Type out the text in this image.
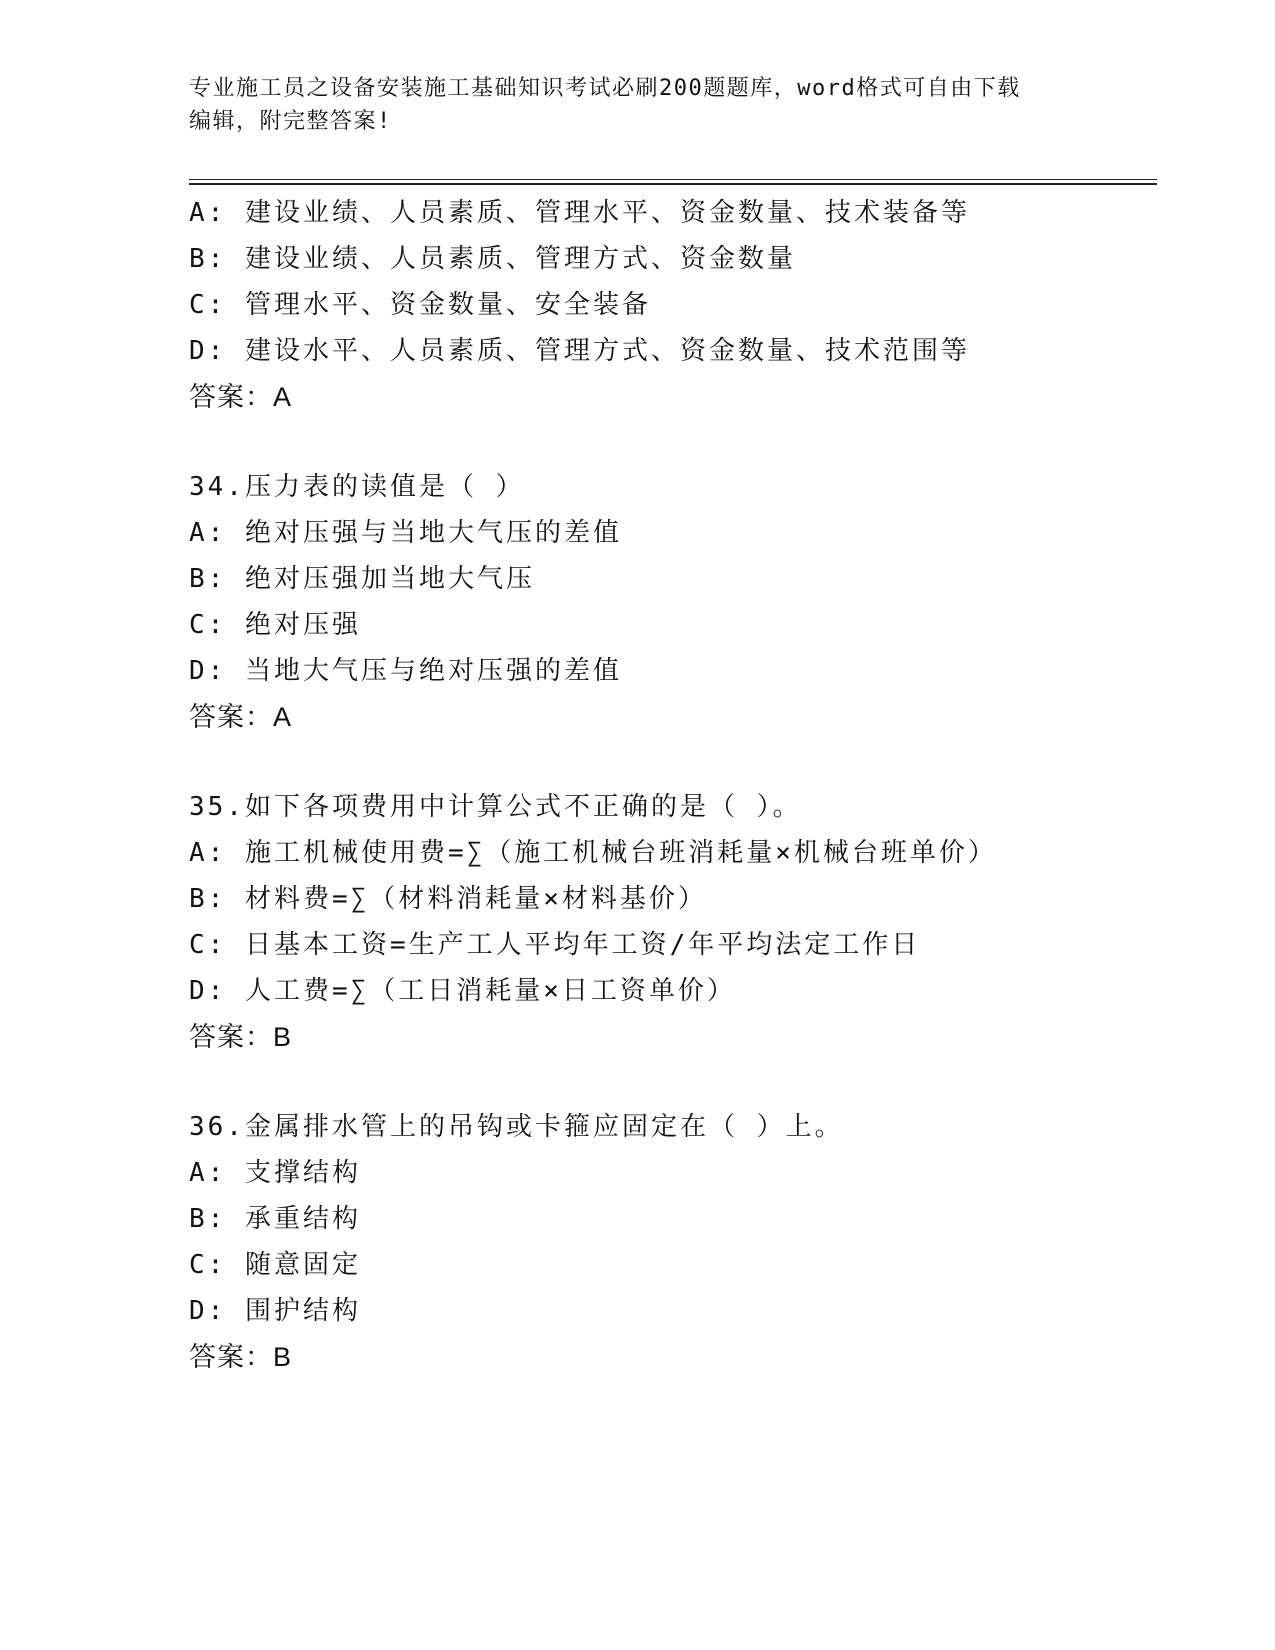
专业施工员之设备安装施工基础知识考试必刷200题题库，word格式可自由下载
编辑，附完整答案!
A: 建设业绩、人员素质、管理水平、资金数量、技术装备等
B: 建设业绩、人员素质、管理方式、资金数量
C: 管理水平、资金数量、安全装备
D: 建设水平、人员素质、管理方式、资金数量、技术范围等
答案：A
34.压力表的读值是（ ）
A: 绝对压强与当地大气压的差值
B: 绝对压强加当地大气压
C: 绝对压强
D: 当地大气压与绝对压强的差值
答案：A
35.如下各项费用中计算公式不正确的是（ ）。
A: 施工机械使用费=∑（施工机械台班消耗量×机械台班单价）
B: 材料费=∑（材料消耗量×材料基价）
C: 日基本工资=生产工人平均年工资/年平均法定工作日
D: 人工费=∑（工日消耗量×日工资单价）
答案：B
36.金属排水管上的吊钩或卡箍应固定在（ ）上。
A: 支撑结构
B: 承重结构
C: 随意固定
D: 围护结构
答案：B
